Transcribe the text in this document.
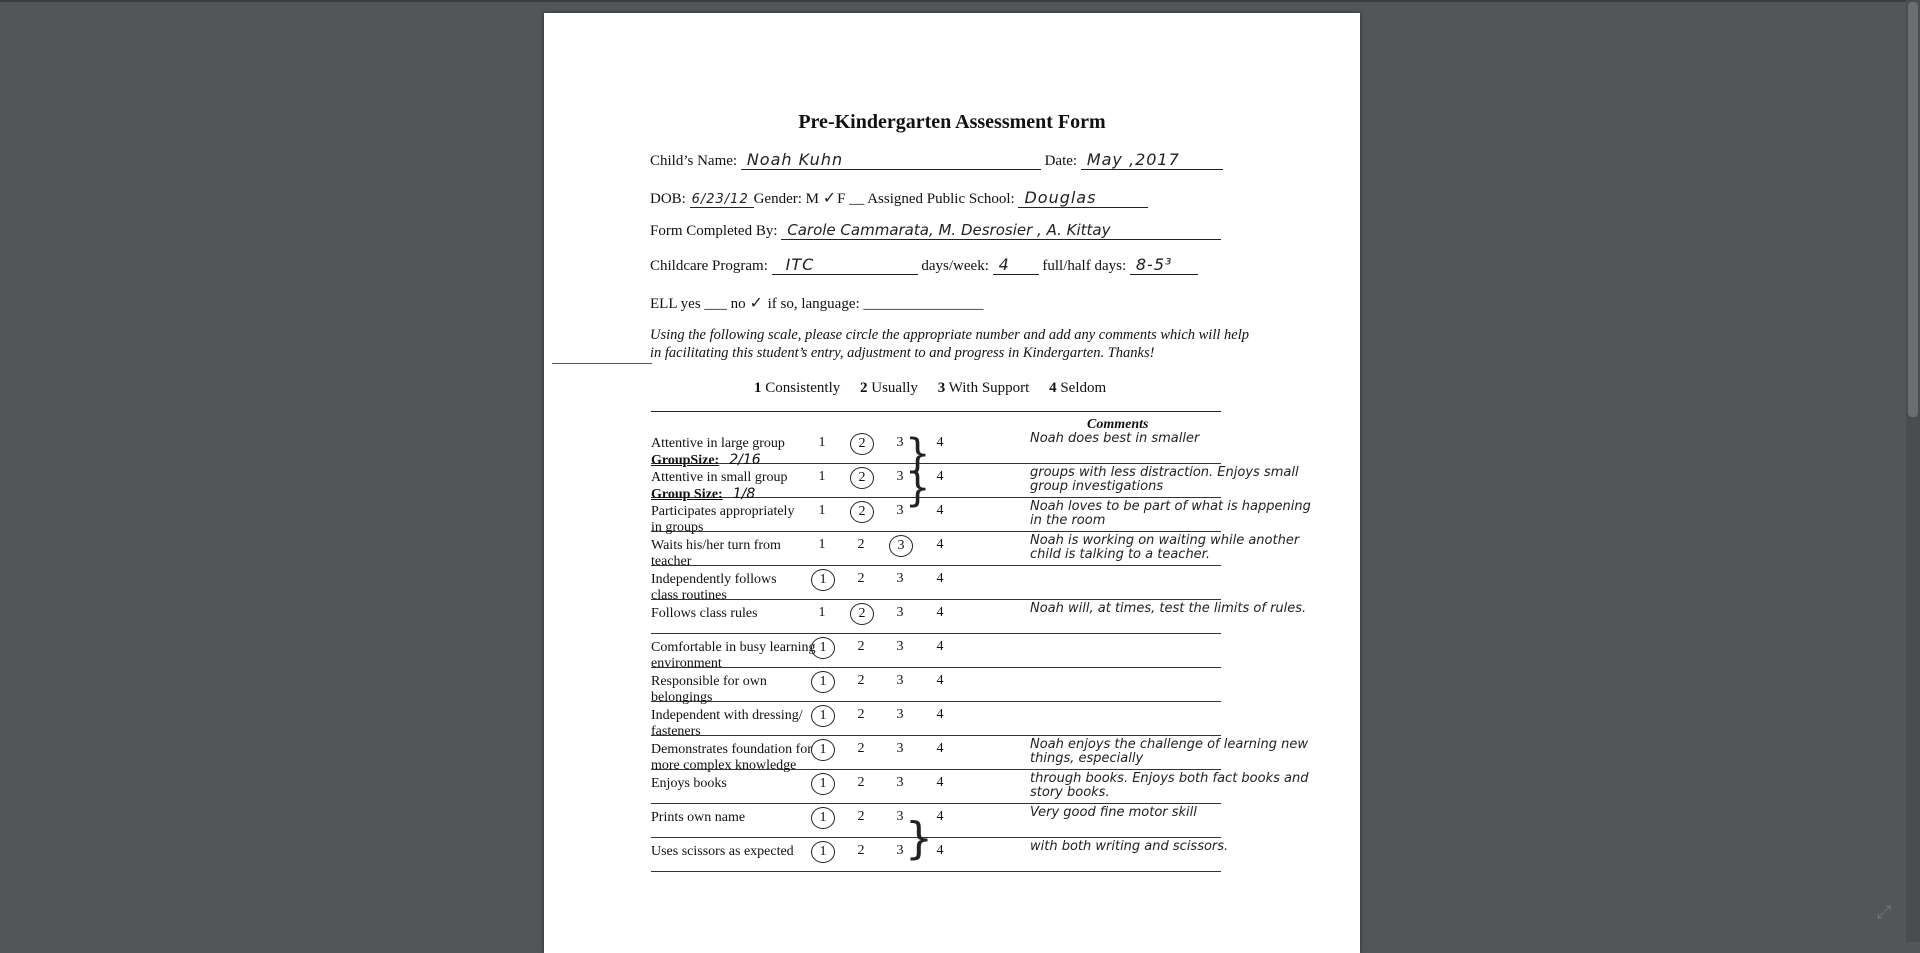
Pre-Kindergarten Assessment Form
Child’s Name: Noah Kuhn	Date: May ,2017
DOB: 6/23/12 Gender: M ✓F __ Assigned Public School: Douglas
Form Completed By: Carole Cammarata, M. Desrosier , A. Kittay
Childcare Program: ITC	days/week: 4 full/half days: 8-5³
ELL yes ___ no ✓ if so, language: ________________
Using the following scale, please circle the appropriate number and add any comments which will help in facilitating this student’s entry, adjustment to and progress in Kindergarten. Thanks!
1 Consistently 2 Usually 3 With Support 4 Seldom
Comments
Attentive in large group
GroupSize: 2/16
1	2	3	4	Noah does best in smaller
Attentive in small group
Group Size: 1/8
1	2	3	4	groups with less distraction. Enjoys small group investigations
Participates appropriately
in groups
1	2	3	4	Noah loves to be part of what is happening in the room
Waits his/her turn from
teacher
1	2	3	4	Noah is working on waiting while another child is talking to a teacher.
Independently follows
class routines
1	2	3	4
Follows class rules	1	2	3	4	Noah will, at times, test the limits of rules.
Comfortable in busy learning
environment
1	2	3	4
Responsible for own
belongings
1	2	3	4
Independent with dressing/
fasteners
1	2	3	4
Demonstrates foundation for
more complex knowledge
1	2	3	4	Noah enjoys the challenge of learning new things, especially
Enjoys books	1	2	3	4	through books. Enjoys both fact books and story books.
Prints own name	1	2	3	4	Very good fine motor skill
Uses scissors as expected	1	2	3	4	with both writing and scissors.
}
}
}
⤢
